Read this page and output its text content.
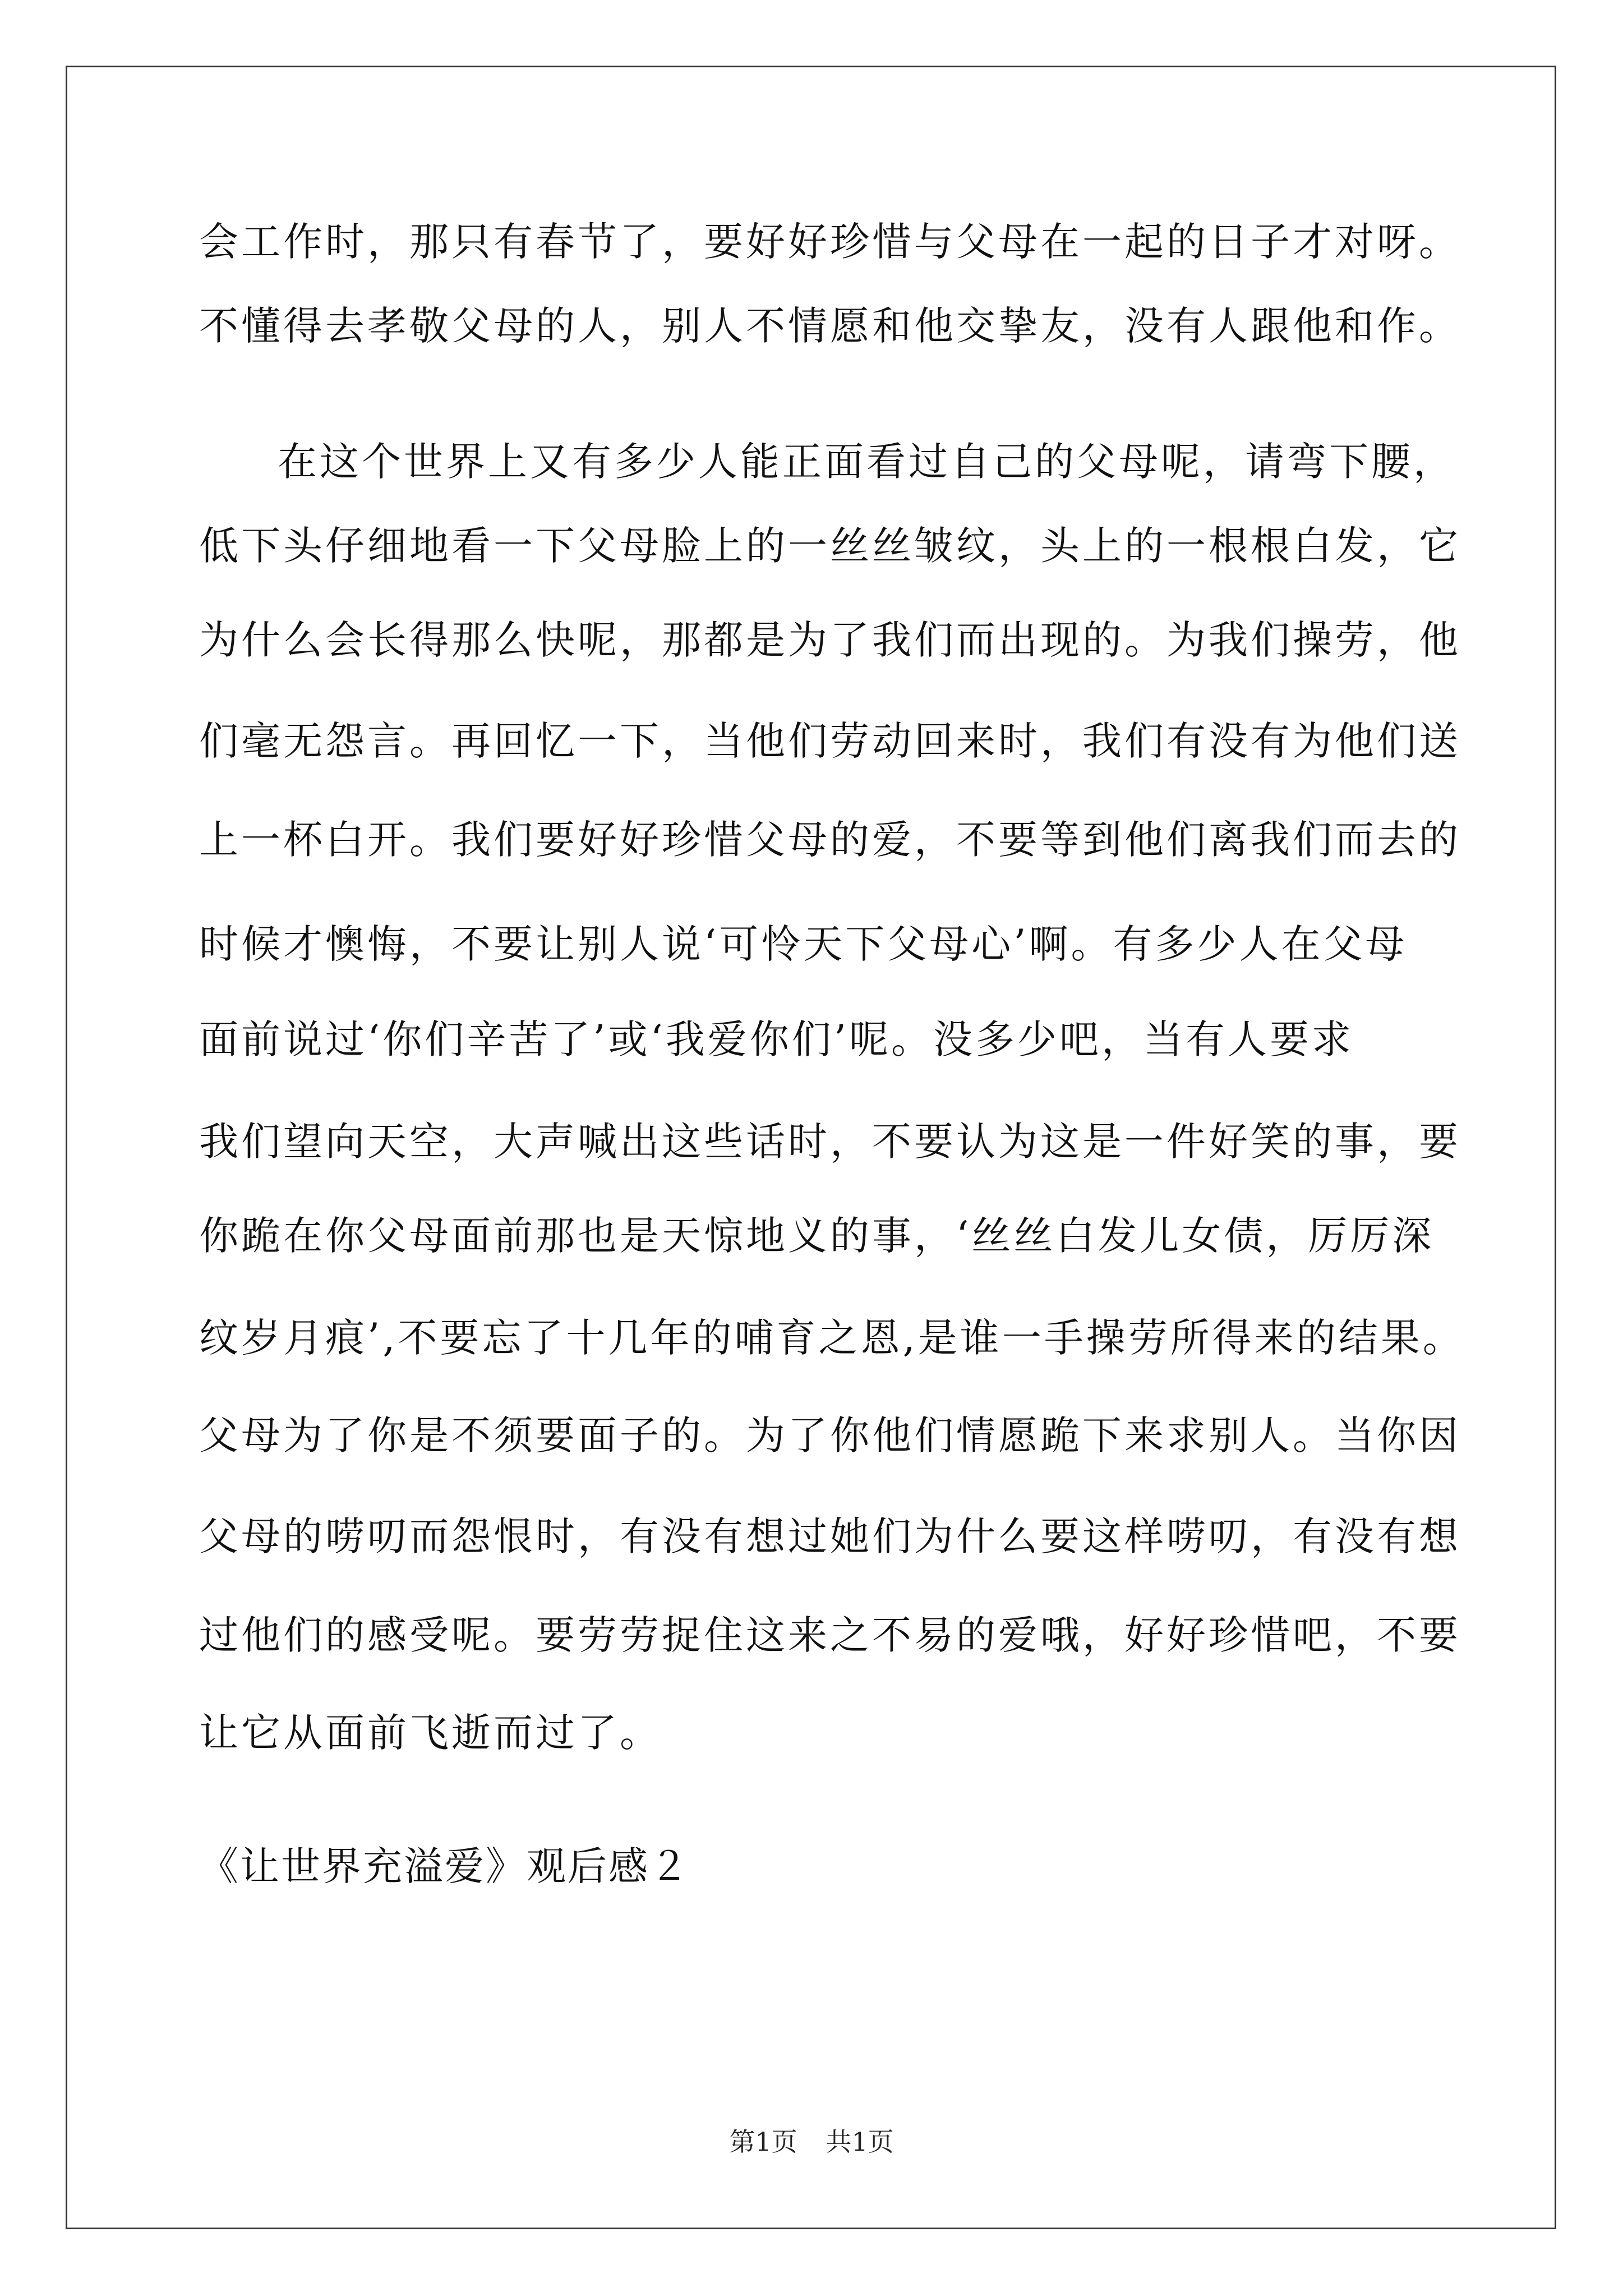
会工作时，那只有春节了，要好好珍惜与父母在一起的日子才对呀。
不懂得去孝敬父母的人，别人不情愿和他交挚友，没有人跟他和作。
在这个世界上又有多少人能正面看过自己的父母呢，请弯下腰，
低下头仔细地看一下父母脸上的一丝丝皱纹，头上的一根根白发，它
为什么会长得那么快呢，那都是为了我们而出现的。为我们操劳，他
们毫无怨言。再回忆一下，当他们劳动回来时，我们有没有为他们送
上一杯白开。我们要好好珍惜父母的爱，不要等到他们离我们而去的
时候才懊悔，不要让别人说‘可怜天下父母心’啊。有多少人在父母
面前说过‘你们辛苦了’或‘我爱你们’呢。没多少吧，当有人要求
我们望向天空，大声喊出这些话时，不要认为这是一件好笑的事，要
你跪在你父母面前那也是天惊地义的事，‘丝丝白发儿女债，厉厉深
纹岁月痕’,不要忘了十几年的哺育之恩,是谁一手操劳所得来的结果。
父母为了你是不须要面子的。为了你他们情愿跪下来求别人。当你因
父母的唠叨而怨恨时，有没有想过她们为什么要这样唠叨，有没有想
过他们的感受呢。要劳劳捉住这来之不易的爱哦，好好珍惜吧，不要
让它从面前飞逝而过了。
《让世界充溢爱》观后感２
第1页 共1页
